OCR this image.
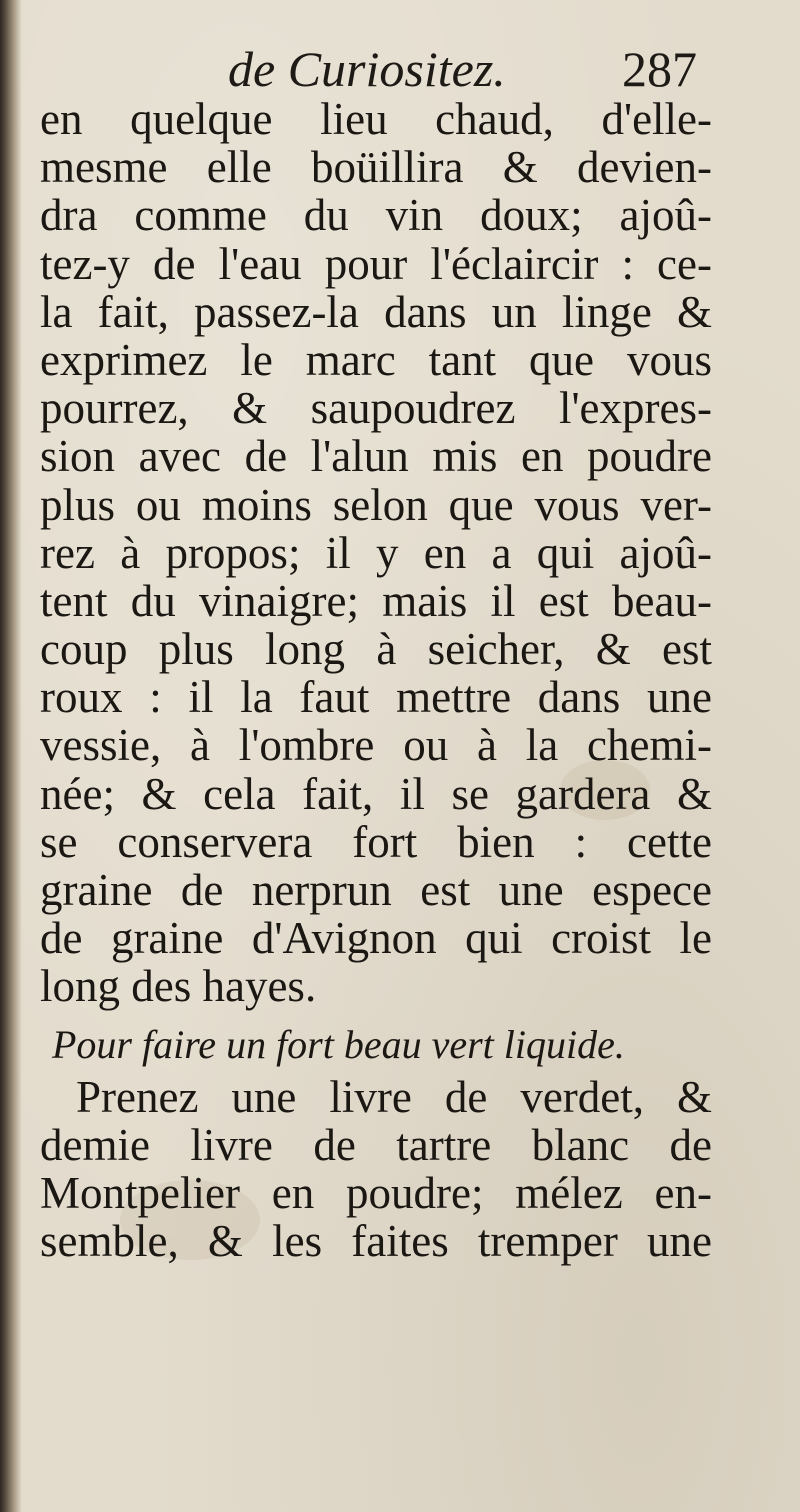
de Curiositez. 287
en quelque lieu chaud, d'elle-
mesme elle boüillira & devien-
dra comme du vin doux; ajoû-
tez-y de l'eau pour l'éclaircir : ce-
la fait, passez-la dans un linge &
exprimez le marc tant que vous
pourrez, & saupoudrez l'expres-
sion avec de l'alun mis en poudre
plus ou moins selon que vous ver-
rez à propos; il y en a qui ajoû-
tent du vinaigre; mais il est beau-
coup plus long à seicher, & est
roux : il la faut mettre dans une
vessie, à l'ombre ou à la chemi-
née; & cela fait, il se gardera &
se conservera fort bien : cette
graine de nerprun est une espece
de graine d'Avignon qui croist le
long des hayes.
Pour faire un fort beau vert liquide.
Prenez une livre de verdet, &
demie livre de tartre blanc de
Montpelier en poudre; mélez en-
semble, & les faites tremper une
